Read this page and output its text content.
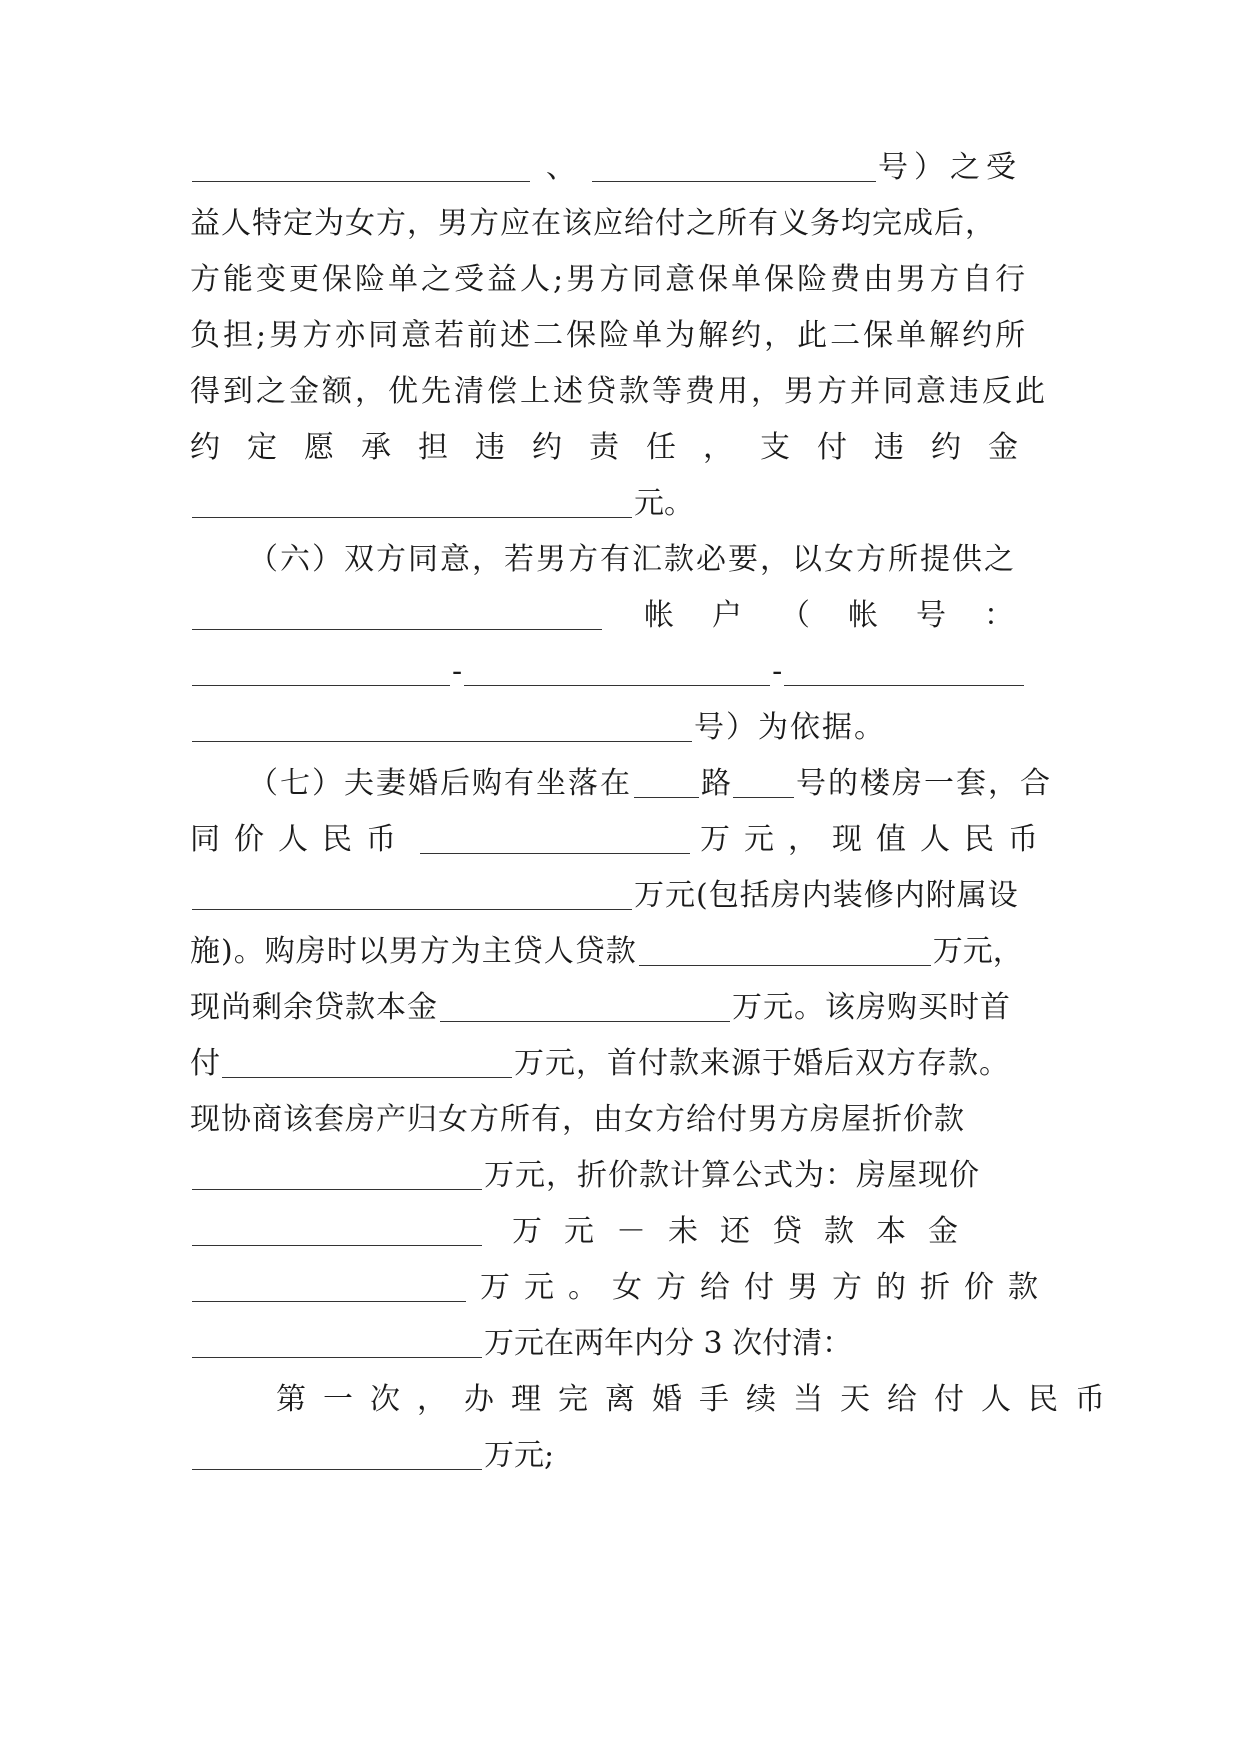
、	号）之受
益人特定为女方，男方应在该应给付之所有义务均完成后，
方能变更保险单之受益人;男方同意保单保险费由男方自行
负担;男方亦同意若前述二保险单为解约，此二保单解约所
得到之金额，优先清偿上述贷款等费用，男方并同意违反此
约定愿承担违约责任，支付违约金
元。
（六）双方同意，若男方有汇款必要，以女方所提供之
帐户（帐号：
-	-
号）为依据。
（七）夫妻婚后购有坐落在 路 号的楼房一套，合
同价人民币	万元，现值人民币
万元(包括房内装修内附属设
施)。购房时以男方为主贷人贷款	万元，
现尚剩余贷款本金	万元。该房购买时首
付	万元，首付款来源于婚后双方存款。
现协商该套房产归女方所有，由女方给付男方房屋折价款
万元，折价款计算公式为：房屋现价
万元－未还贷款本金
万元。女方给付男方的折价款
万元在两年内分 3 次付清：
第一次，办理完离婚手续当天给付人民币
万元;
